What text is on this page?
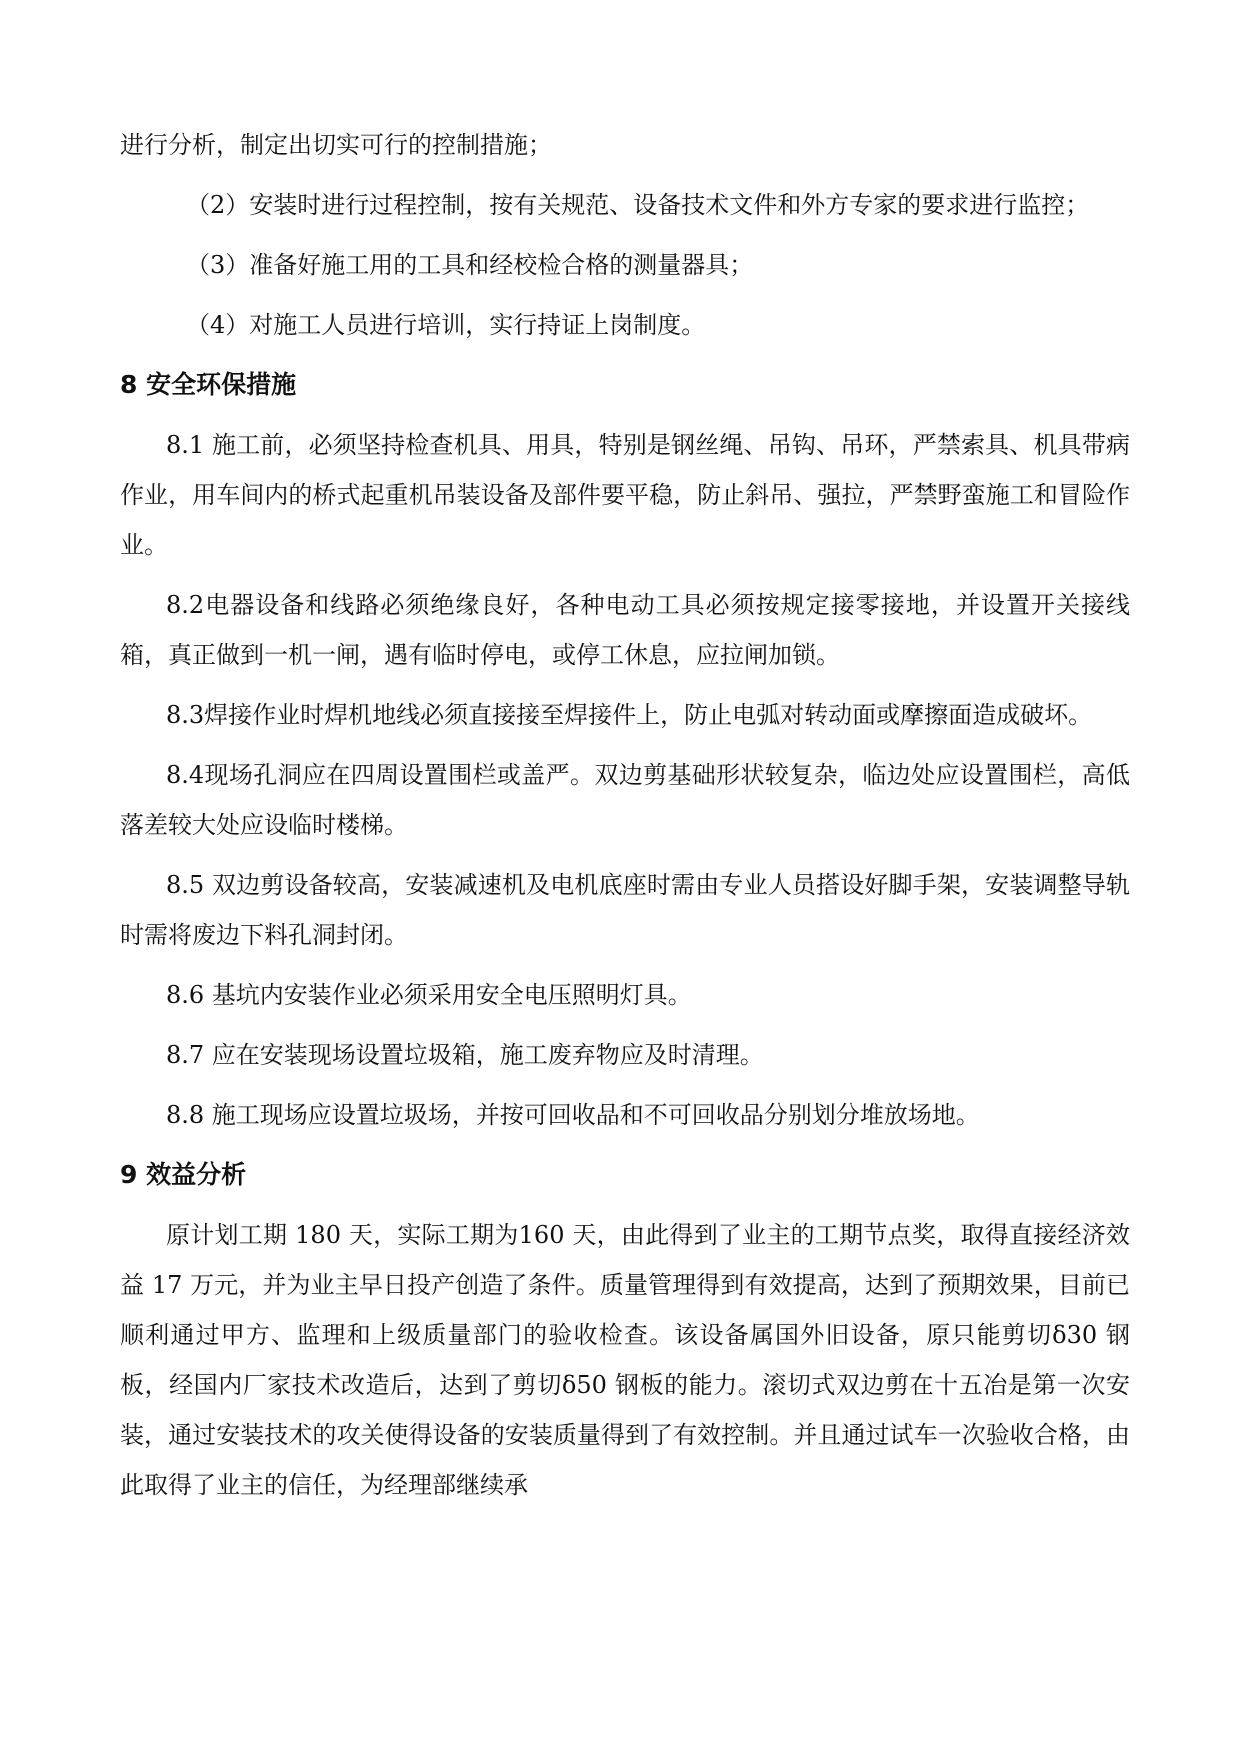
进行分析，制定出切实可行的控制措施；

（2）安装时进行过程控制，按有关规范、设备技术文件和外方专家的要求进行监控；

（3）准备好施工用的工具和经校检合格的测量器具；

（4）对施工人员进行培训，实行持证上岗制度。

8 安全环保措施

8.1 施工前，必须坚持检查机具、用具，特别是钢丝绳、吊钩、吊环，严禁索具、机具带病作业，用车间内的桥式起重机吊装设备及部件要平稳，防止斜吊、强拉，严禁野蛮施工和冒险作业。

8.2电器设备和线路必须绝缘良好，各种电动工具必须按规定接零接地，并设置开关接线箱，真正做到一机一闸，遇有临时停电，或停工休息，应拉闸加锁。

8.3焊接作业时焊机地线必须直接接至焊接件上，防止电弧对转动面或摩擦面造成破坏。

8.4现场孔洞应在四周设置围栏或盖严。双边剪基础形状较复杂，临边处应设置围栏，高低落差较大处应设临时楼梯。

8.5 双边剪设备较高，安装减速机及电机底座时需由专业人员搭设好脚手架，安装调整导轨时需将废边下料孔洞封闭。

8.6 基坑内安装作业必须采用安全电压照明灯具。

8.7 应在安装现场设置垃圾箱，施工废弃物应及时清理。

8.8 施工现场应设置垃圾场，并按可回收品和不可回收品分别划分堆放场地。

9 效益分析

原计划工期 180 天，实际工期为160 天，由此得到了业主的工期节点奖，取得直接经济效益 17 万元，并为业主早日投产创造了条件。质量管理得到有效提高，达到了预期效果，目前已顺利通过甲方、监理和上级质量部门的验收检查。该设备属国外旧设备，原只能剪切δ30 钢板，经国内厂家技术改造后，达到了剪切δ50 钢板的能力。滚切式双边剪在十五冶是第一次安装，通过安装技术的攻关使得设备的安装质量得到了有效控制。并且通过试车一次验收合格，由此取得了业主的信任，为经理部继续承
